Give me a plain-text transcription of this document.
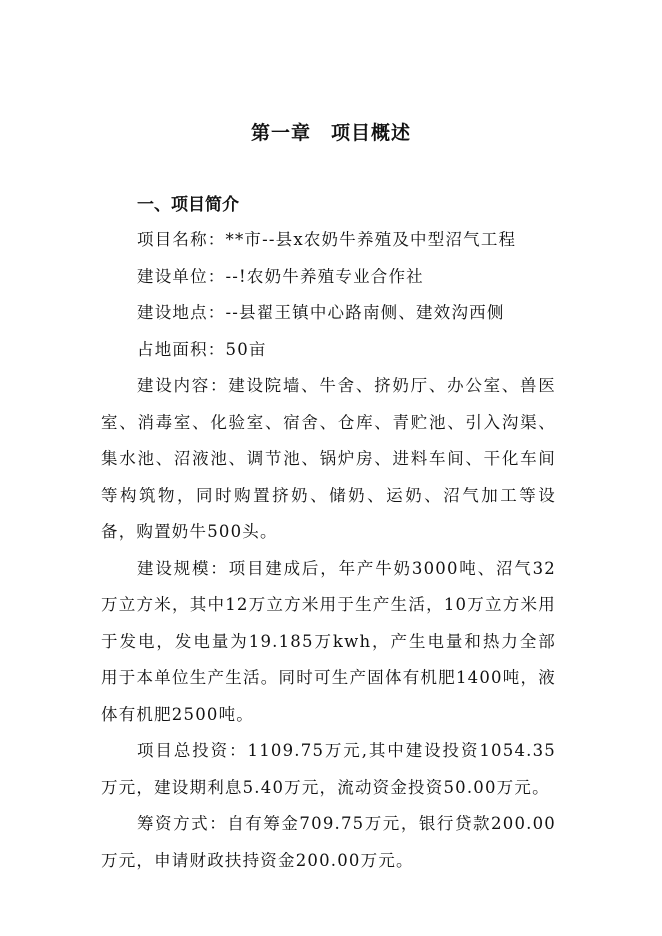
第一章　项目概述
一、项目简介

项目名称：**市--县x农奶牛养殖及中型沼气工程

建设单位：--!农奶牛养殖专业合作社

建设地点：--县翟王镇中心路南侧、建效沟西侧

占地面积：50亩

建设内容：建设院墙、牛舍、挤奶厅、办公室、兽医室、消毒室、化验室、宿舍、仓库、青贮池、引入沟渠、集水池、沼液池、调节池、锅炉房、进料车间、干化车间等构筑物，同时购置挤奶、储奶、运奶、沼气加工等设备，购置奶牛500头。

建设规模：项目建成后，年产牛奶3000吨、沼气32万立方米，其中12万立方米用于生产生活，10万立方米用于发电，发电量为19.185万kwh，产生电量和热力全部用于本单位生产生活。同时可生产固体有机肥1400吨，液体有机肥2500吨。

项目总投资：1109.75万元,其中建设投资1054.35万元，建设期利息5.40万元，流动资金投资50.00万元。

筹资方式：自有筹金709.75万元，银行贷款200.00万元，申请财政扶持资金200.00万元。
